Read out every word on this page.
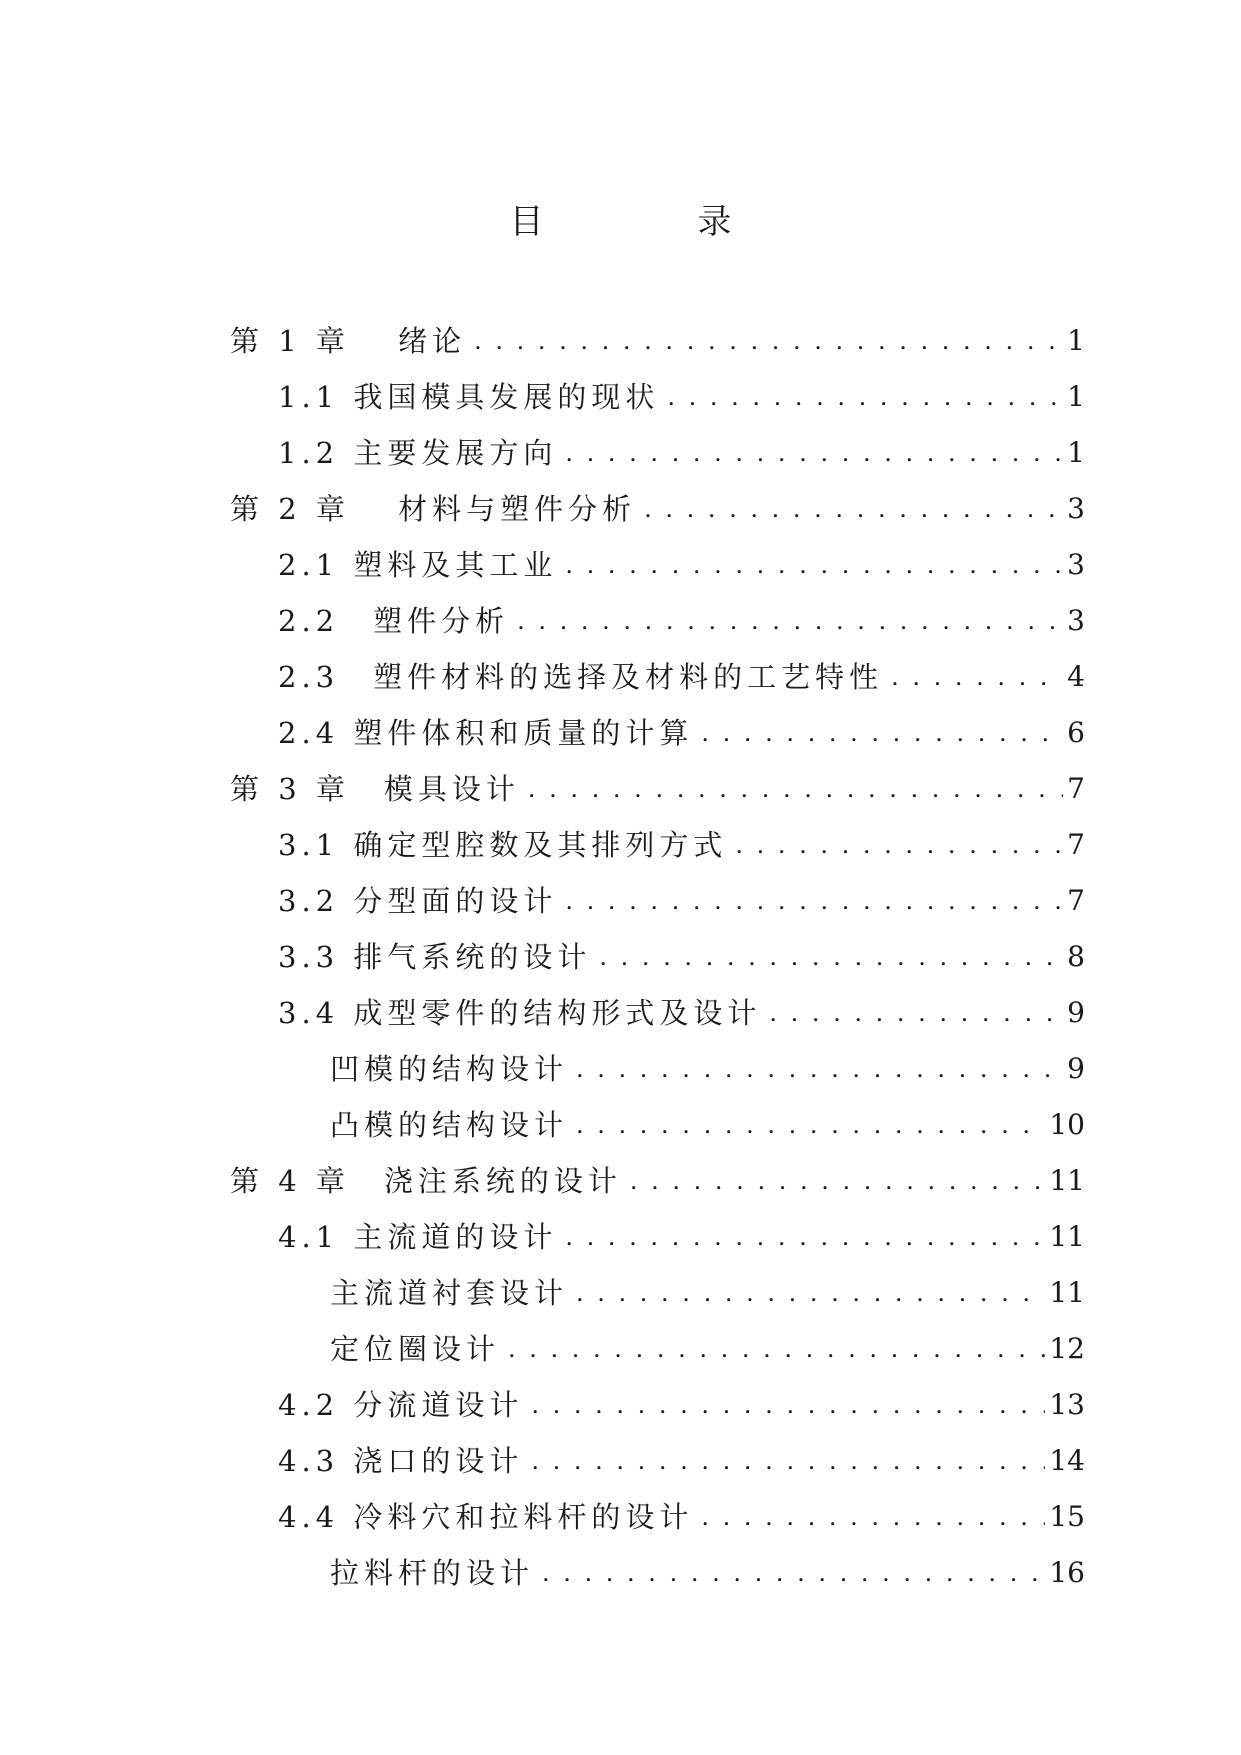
目　录
第 1 章　 绪论 . . .	1
1.1 我国模具发展的现状 . . .	1
1.2 主要发展方向 . . .	1
第 2 章　 材料与塑件分析 . . .	3
2.1 塑料及其工业 . . .	3
2.2　塑件分析 . . .	3
2.3　塑件材料的选择及材料的工艺特性 . . .	4
2.4 塑件体积和质量的计算 . . .	6
第 3 章　模具设计 . . .	7
3.1 确定型腔数及其排列方式 . . .	7
3.2 分型面的设计 . . .	7
3.3 排气系统的设计 . . .	8
3.4 成型零件的结构形式及设计 . . .	9
凹模的结构设计 . . .	9
凸模的结构设计 . . .	10
第 4 章　浇注系统的设计 . . .	11
4.1 主流道的设计 . . .	11
主流道衬套设计 . . .	11
定位圈设计 . . .	12
4.2 分流道设计 . . .	13
4.3 浇口的设计 . . .	14
4.4 冷料穴和拉料杆的设计 . . .	15
拉料杆的设计 . . .	16
